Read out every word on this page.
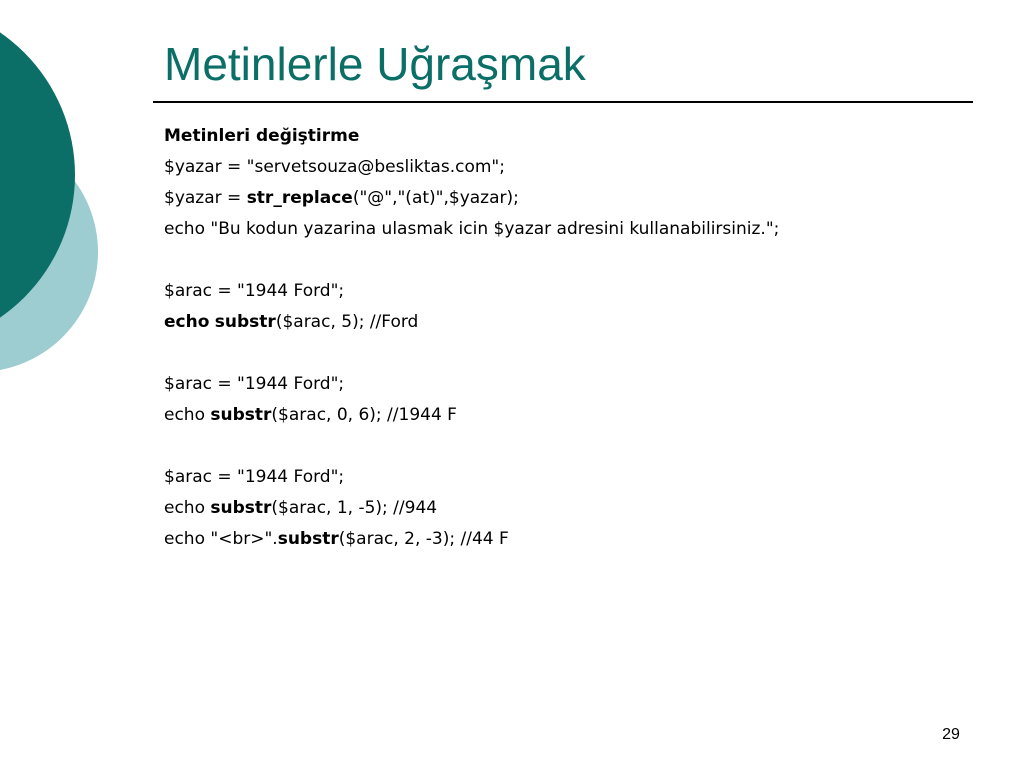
Metinlerle Uğraşmak
Metinleri değiştirme
$yazar = "servetsouza@besliktas.com";
$yazar = str_replace("@","(at)",$yazar);
echo "Bu kodun yazarina ulasmak icin $yazar adresini kullanabilirsiniz.";
$arac = "1944 Ford";
echo substr($arac, 5); //Ford
$arac = "1944 Ford";
echo substr($arac, 0, 6); //1944 F
$arac = "1944 Ford";
echo substr($arac, 1, -5); //944
echo "<br>".substr($arac, 2, -3); //44 F
29
